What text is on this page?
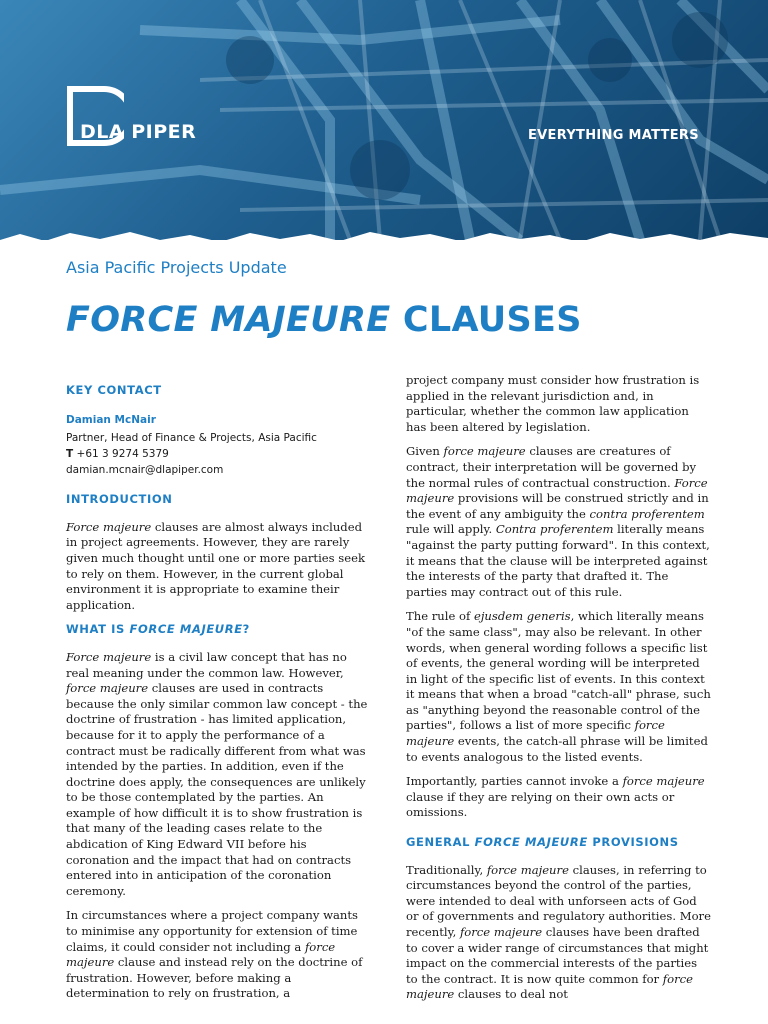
DLA PIPER	EVERYTHING MATTERS
Asia Pacific Projects Update
FORCE MAJEURE CLAUSES
KEY CONTACT
Damian McNair
Partner, Head of Finance & Projects, Asia Pacific
T +61 3 9274 5379
damian.mcnair@dlapiper.com
INTRODUCTION

Force majeure clauses are almost always included in project agreements. However, they are rarely given much thought until one or more parties seek to rely on them. However, in the current global environment it is appropriate to examine their application.

WHAT IS FORCE MAJEURE?

Force majeure is a civil law concept that has no real meaning under the common law. However, force majeure clauses are used in contracts because the only similar common law concept - the doctrine of frustration - has limited application, because for it to apply the performance of a contract must be radically different from what was intended by the parties. In addition, even if the doctrine does apply, the consequences are unlikely to be those contemplated by the parties. An example of how difficult it is to show frustration is that many of the leading cases relate to the abdication of King Edward VII before his coronation and the impact that had on contracts entered into in anticipation of the coronation ceremony.

In circumstances where a project company wants to minimise any opportunity for extension of time claims, it could consider not including a force majeure clause and instead rely on the doctrine of frustration. However, before making a determination to rely on frustration, a

project company must consider how frustration is applied in the relevant jurisdiction and, in particular, whether the common law application has been altered by legislation.

Given force majeure clauses are creatures of contract, their interpretation will be governed by the normal rules of contractual construction. Force majeure provisions will be construed strictly and in the event of any ambiguity the contra proferentem rule will apply. Contra proferentem literally means "against the party putting forward". In this context, it means that the clause will be interpreted against the interests of the party that drafted it. The parties may contract out of this rule.

The rule of ejusdem generis, which literally means "of the same class", may also be relevant. In other words, when general wording follows a specific list of events, the general wording will be interpreted in light of the specific list of events. In this context it means that when a broad "catch-all" phrase, such as "anything beyond the reasonable control of the parties", follows a list of more specific force majeure events, the catch-all phrase will be limited to events analogous to the listed events.

Importantly, parties cannot invoke a force majeure clause if they are relying on their own acts or omissions.

GENERAL FORCE MAJEURE PROVISIONS

Traditionally, force majeure clauses, in referring to circumstances beyond the control of the parties, were intended to deal with unforseen acts of God or of governments and regulatory authorities. More recently, force majeure clauses have been drafted to cover a wider range of circumstances that might impact on the commercial interests of the parties to the contract. It is now quite common for force majeure clauses to deal not
